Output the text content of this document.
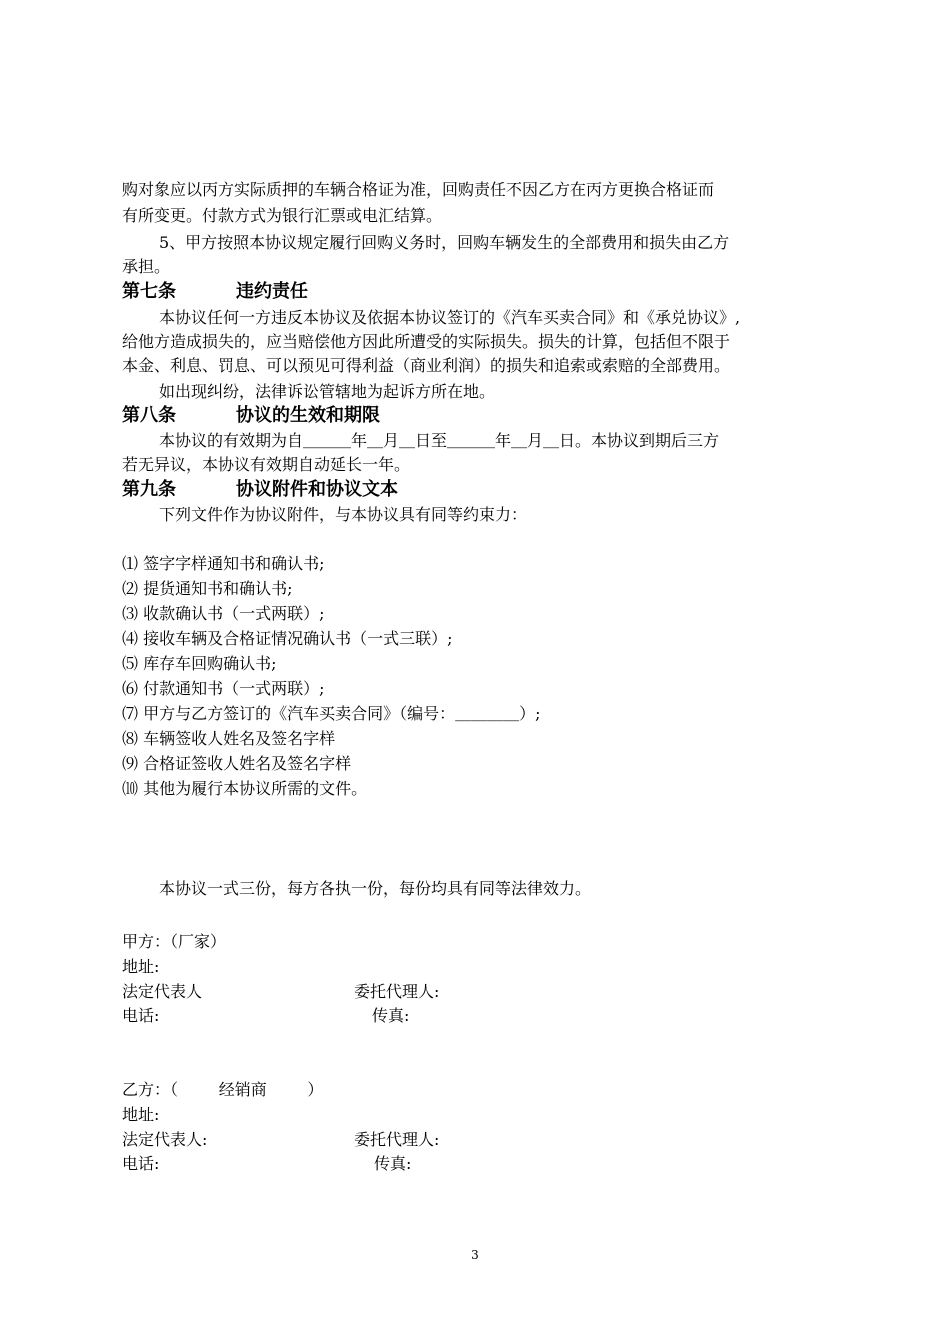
购对象应以丙方实际质押的车辆合格证为准，回购责任不因乙方在丙方更换合格证而
有所变更。付款方式为银行汇票或电汇结算。
5、甲方按照本协议规定履行回购义务时，回购车辆发生的全部费用和损失由乙方
承担。
第七条	违约责任
本协议任何一方违反本协议及依据本协议签订的《汽车买卖合同》和《承兑协议》,
给他方造成损失的，应当赔偿他方因此所遭受的实际损失。损失的计算，包括但不限于
本金、利息、罚息、可以预见可得利益（商业利润）的损失和追索或索赔的全部费用。
如出现纠纷，法律诉讼管辖地为起诉方所在地。
第八条	协议的生效和期限
本协议的有效期为自＿＿＿年＿月＿日至＿＿＿年＿月＿日。本协议到期后三方
若无异议，本协议有效期自动延长一年。
第九条	协议附件和协议文本
下列文件作为协议附件，与本协议具有同等约束力：
⑴ 签字字样通知书和确认书;
⑵ 提货通知书和确认书;
⑶ 收款确认书（一式两联）;
⑷ 接收车辆及合格证情况确认书（一式三联）;
⑸ 库存车回购确认书;
⑹ 付款通知书（一式两联）;
⑺ 甲方与乙方签订的《汽车买卖合同》（编号：＿＿＿＿）;
⑻ 车辆签收人姓名及签名字样
⑼ 合格证签收人姓名及签名字样
⑽ 其他为履行本协议所需的文件。
本协议一式三份，每方各执一份，每份均具有同等法律效力。
甲方：（厂家）
地址:
法定代表人	委托代理人:
电话:	传真:
乙方：（        经销商        ）
地址:
法定代表人:	委托代理人:
电话:	传真:
3
